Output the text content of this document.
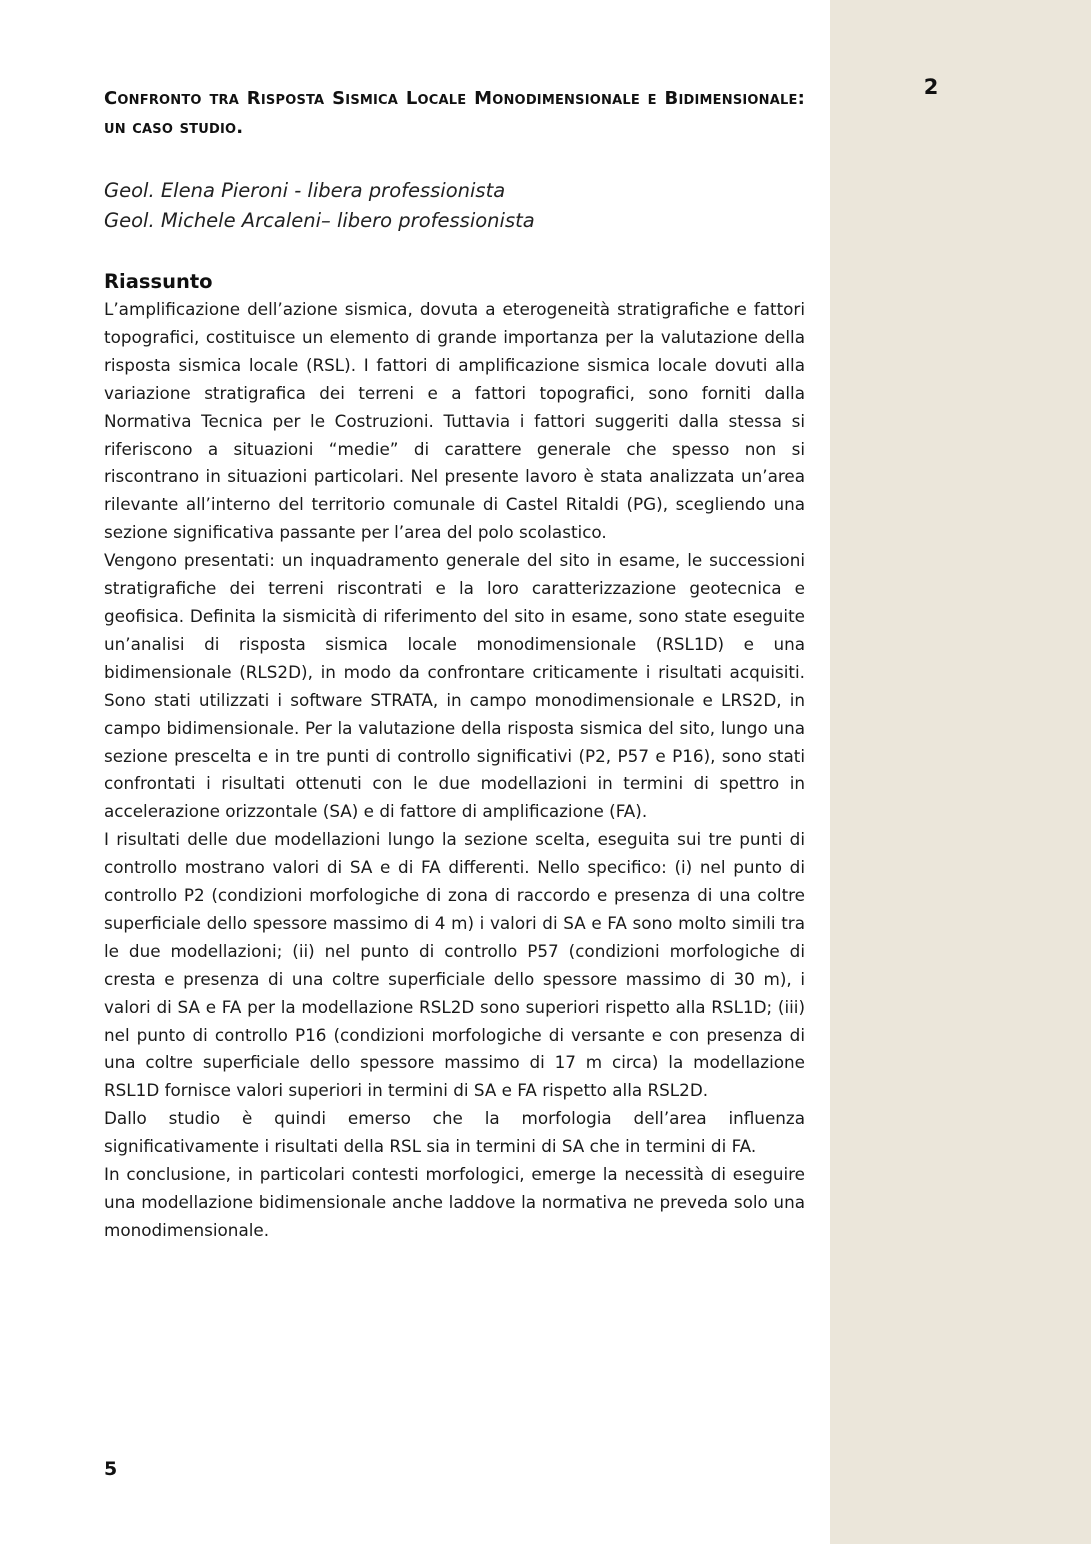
2
Confronto tra Risposta Sismica Locale Monodimensionale e Bidimensionale: un caso studio.
Geol. Elena Pieroni - libera professionista
Geol. Michele Arcaleni– libero professionista
Riassunto

L’amplificazione dell’azione sismica, dovuta a eterogeneità stratigrafiche e fattori topografici, costituisce un elemento di grande importanza per la valutazione della risposta sismica locale (RSL). I fattori di amplificazione sismica locale dovuti alla variazione stratigrafica dei terreni e a fattori topografici, sono forniti dalla Normativa Tecnica per le Costruzioni. Tuttavia i fattori suggeriti dalla stessa si riferiscono a situazioni “medie” di carattere generale che spesso non si riscontrano in situazioni particolari. Nel presente lavoro è stata analizzata un’area rilevante all’interno del territorio comunale di Castel Ritaldi (PG), scegliendo una sezione significativa passante per l’area del polo scolastico.

Vengono presentati: un inquadramento generale del sito in esame, le successioni stratigrafiche dei terreni riscontrati e la loro caratterizzazione geotecnica e geofisica. Definita la sismicità di riferimento del sito in esame, sono state eseguite un’analisi di risposta sismica locale monodimensionale (RSL1D) e una bidimensionale (RLS2D), in modo da confrontare criticamente i risultati acquisiti. Sono stati utilizzati i software STRATA, in campo monodimensionale e LRS2D, in campo bidimensionale. Per la valutazione della risposta sismica del sito, lungo una sezione prescelta e in tre punti di controllo significativi (P2, P57 e P16), sono stati confrontati i risultati ottenuti con le due modellazioni in termini di spettro in accelerazione orizzontale (SA) e di fattore di amplificazione (FA).

I risultati delle due modellazioni lungo la sezione scelta, eseguita sui tre punti di controllo mostrano valori di SA e di FA differenti. Nello specifico: (i) nel punto di controllo P2 (condizioni morfologiche di zona di raccordo e presenza di una coltre superficiale dello spessore massimo di 4 m) i valori di SA e FA sono molto simili tra le due modellazioni; (ii) nel punto di controllo P57 (condizioni morfologiche di cresta e presenza di una coltre superficiale dello spessore massimo di 30 m), i valori di SA e FA per la modellazione RSL2D sono superiori rispetto alla RSL1D; (iii) nel punto di controllo P16 (condizioni morfologiche di versante e con presenza di una coltre superficiale dello spessore massimo di 17 m circa) la modellazione RSL1D fornisce valori superiori in termini di SA e FA rispetto alla RSL2D.

Dallo studio è quindi emerso che la morfologia dell’area influenza significativamente i risultati della RSL sia in termini di SA che in termini di FA.

In conclusione, in particolari contesti morfologici, emerge la necessità di eseguire una modellazione bidimensionale anche laddove la normativa ne preveda solo una monodimensionale.

5
